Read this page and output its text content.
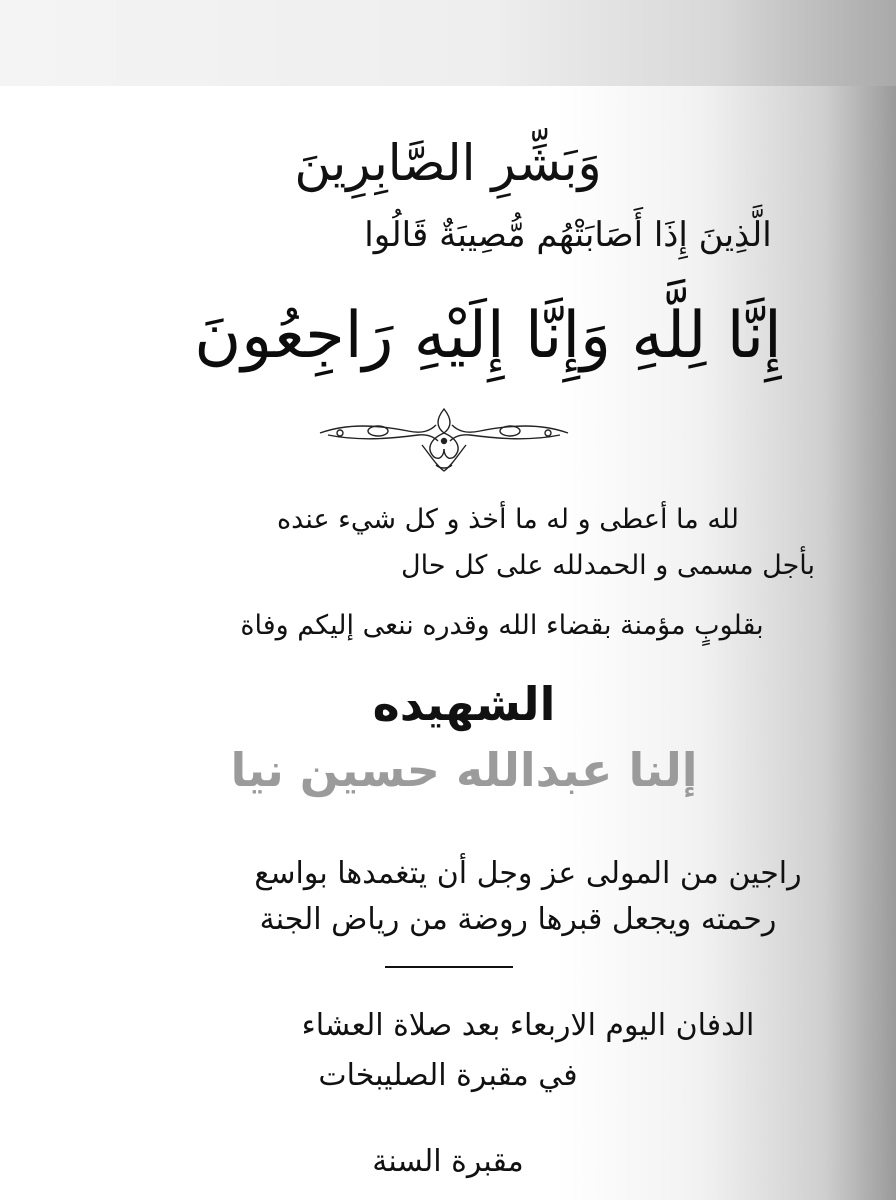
وَبَشِّرِ الصَّابِرِينَ
الَّذِينَ إِذَا أَصَابَتْهُم مُّصِيبَةٌ قَالُوا
إِنَّا لِلَّهِ وَإِنَّا إِلَيْهِ رَاجِعُونَ
لله ما أعطى و له ما أخذ و كل شيء عنده
بأجل مسمى و الحمدلله على كل حال
بقلوبٍ مؤمنة بقضاء الله وقدره ننعى إليكم وفاة
الشهيده
إلنا عبدالله حسين نيا
راجين من المولى عز وجل أن يتغمدها بواسع
رحمته ويجعل قبرها روضة من رياض الجنة
الدفان اليوم الاربعاء بعد صلاة العشاء
في مقبرة الصليبخات
مقبرة السنة
